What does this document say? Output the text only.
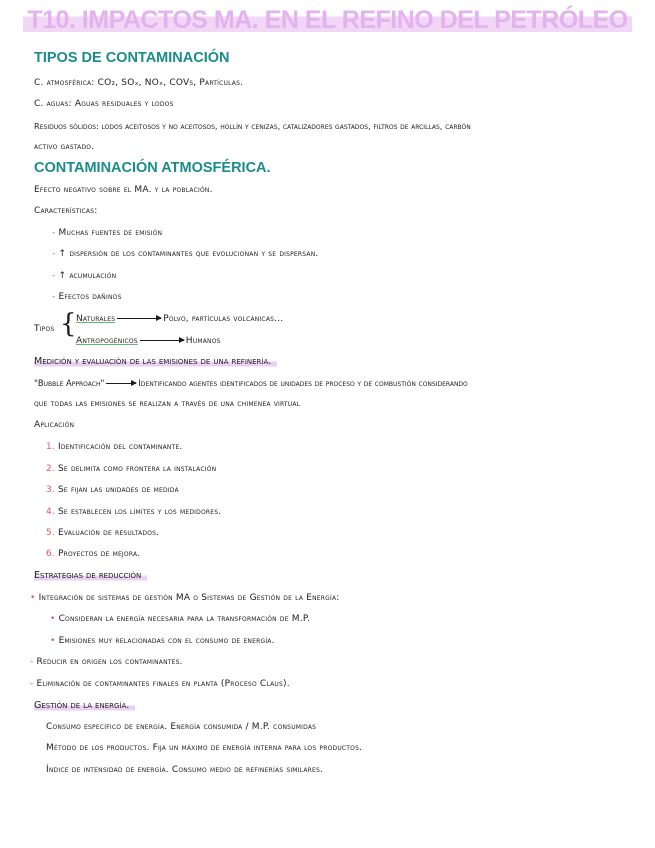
T10. IMPACTOS MA. EN EL REFINO DEL PETRÓLEO
TIPOS DE CONTAMINACIÓN
C. atmosférica: CO₂, SOₓ, NOₓ, COVs, Partículas.
C. aguas: Aguas residuales y lodos
Residuos sólidos: lodos aceitosos y no aceitosos, hollín y cenizas, catalizadores gastados, filtros de arcillas, carbón
activo gastado.
CONTAMINACIÓN ATMOSFÉRICA.
Efecto negativo sobre el MA. y la población.
Características:
- Muchas fuentes de emisión
- ↑ dispersión de los contaminantes que evolucionan y se dispersan.
- ↑ acumulación
- Efectos dañinos
Tipos { Naturales	Polvo, partículas volcánicas...
Antropogénicos	Humanos
Medición y evaluación de las emisiones de una refinería.
"Bubble Approach"	Identificando agentes identificados de unidades de proceso y de combustión considerando
que todas las emisiones se realizan a través de una chimenea virtual
Aplicación
1. Identificación del contaminante.
2. Se delimita como frontera la instalación
3. Se fijan las unidades de medida
4. Se establecen los límites y los medidores.
5. Evaluación de resultados.
6. Proyectos de mejora.
Estrategias de reducción
• Integración de sistemas de gestión MA o Sistemas de Gestión de la Energía:
• Consideran la energía necesaria para la transformación de M.P.
• Emisiones muy relacionadas con el consumo de energía.
- Reducir en origen los contaminantes.
- Eliminación de contaminantes finales en planta (Proceso Claus).
Gestión de la energía.
Consumo específico de energía. Energía consumida / M.P. consumidas
Método de los productos. Fija un máximo de energía interna para los productos.
Índice de intensidad de energía. Consumo medio de refinerías similares.
